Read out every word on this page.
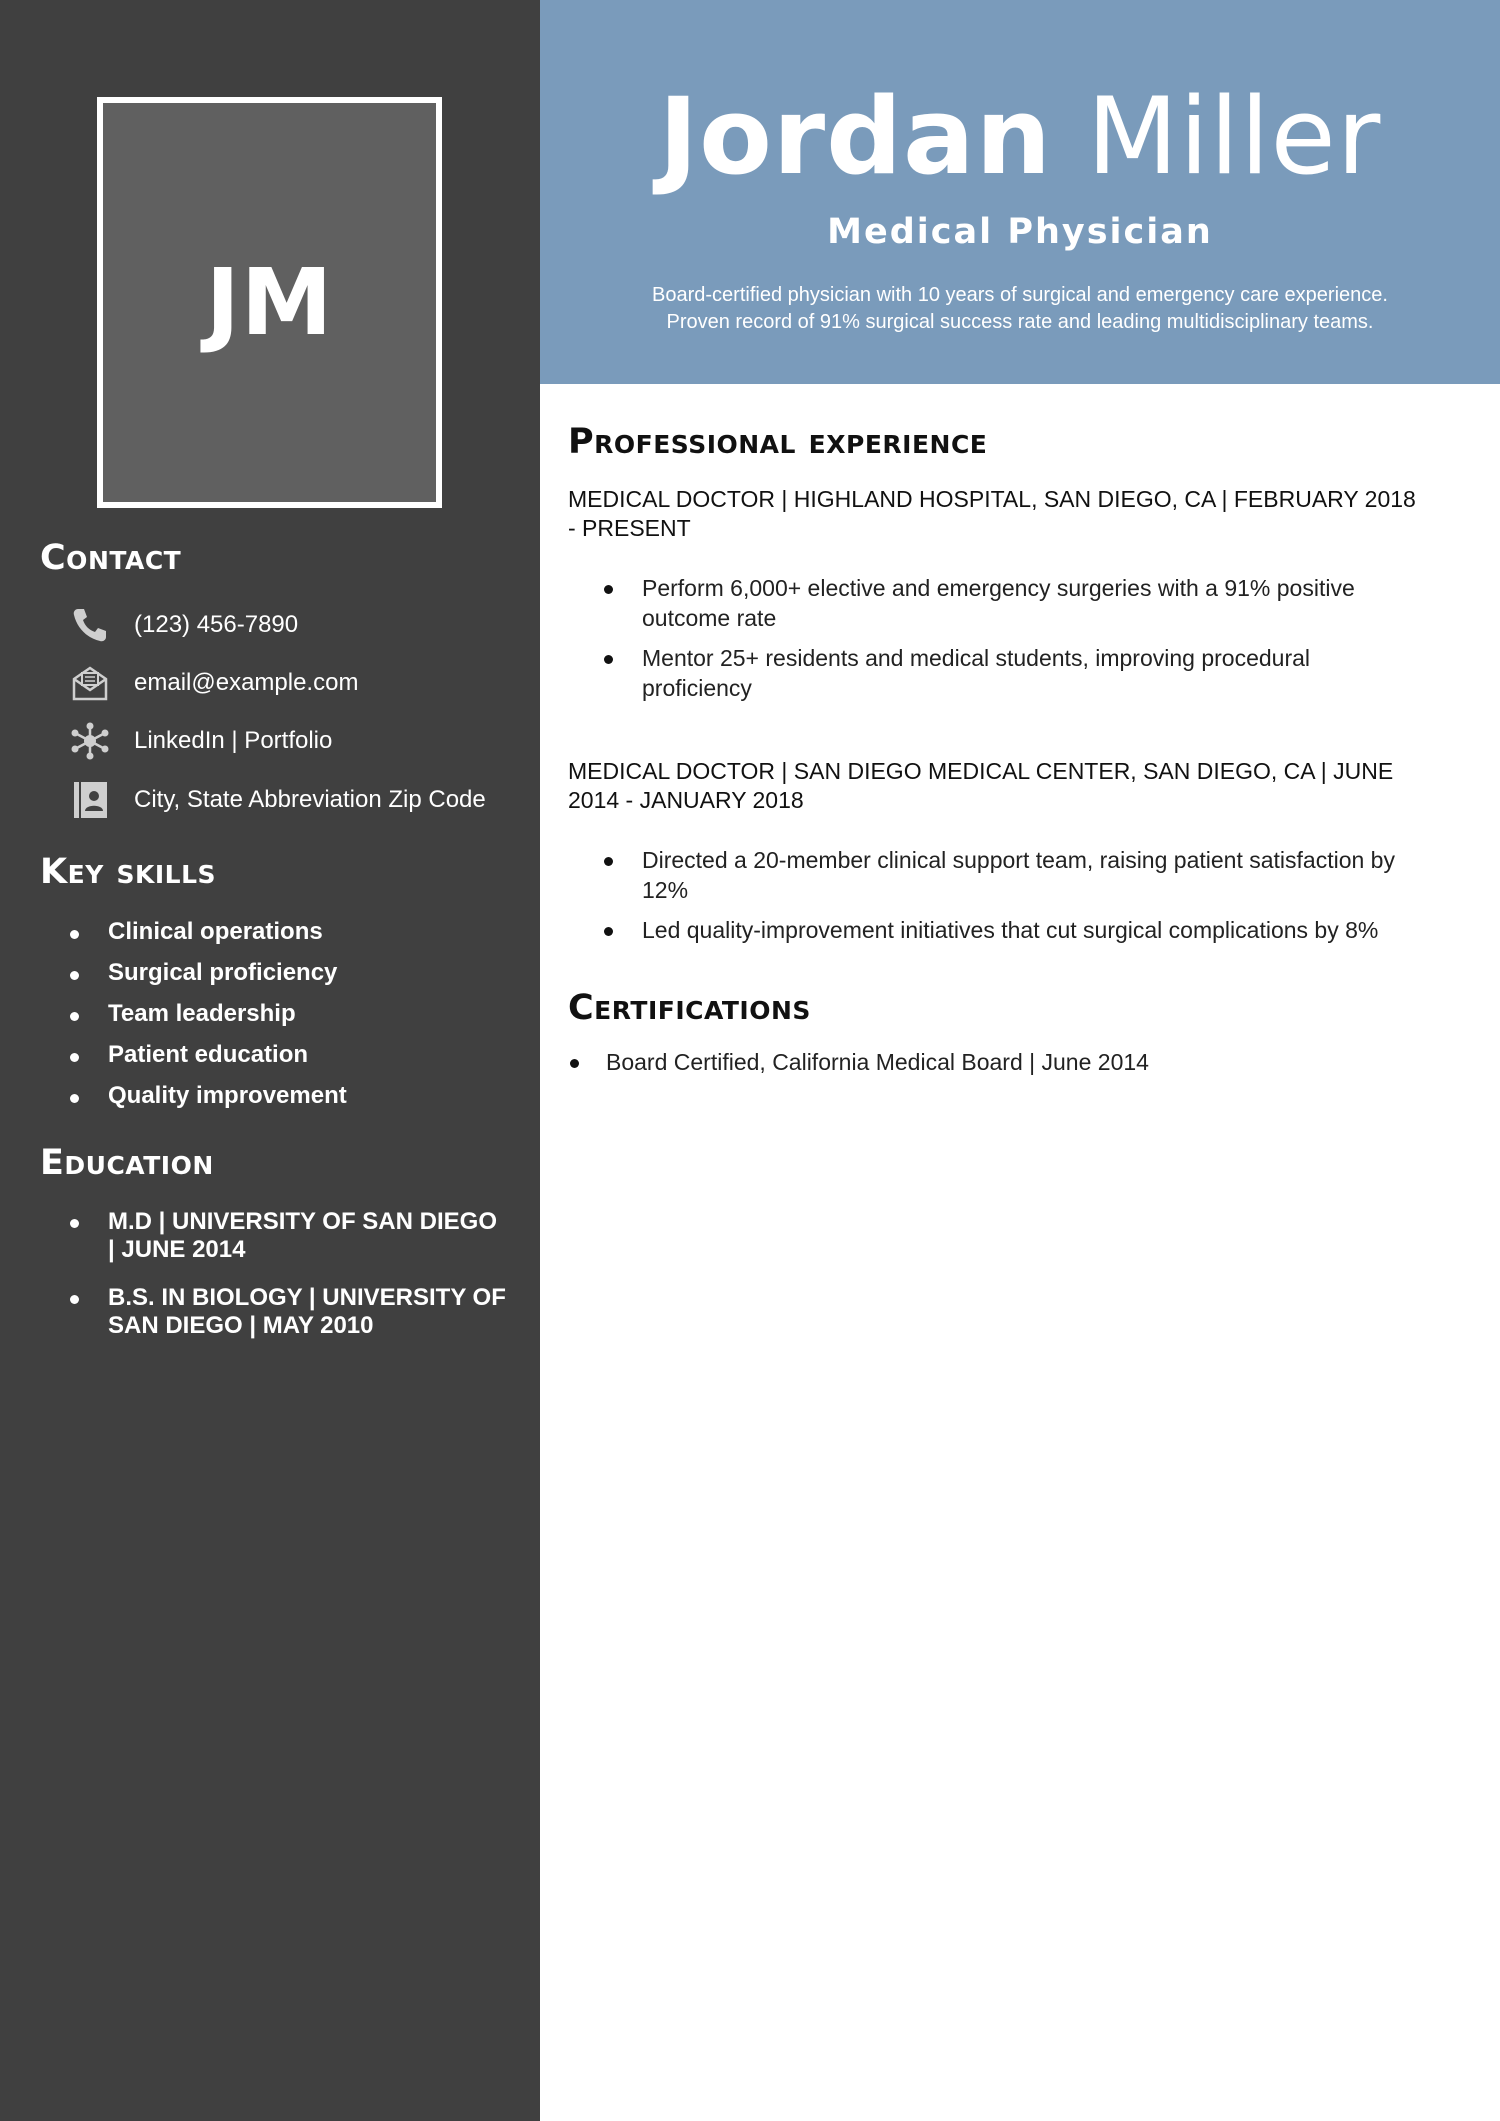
JM
Contact
(123) 456-7890
email@example.com
LinkedIn | Portfolio
City, State Abbreviation Zip Code
Key skills
Clinical operations
Surgical proficiency
Team leadership
Patient education
Quality improvement
Education
M.D | UNIVERSITY OF SAN DIEGO | JUNE 2014
B.S. IN BIOLOGY | UNIVERSITY OF SAN DIEGO | MAY 2010
Jordan Miller
Medical Physician
Board-certified physician with 10 years of surgical and emergency care experience.
Proven record of 91% surgical success rate and leading multidisciplinary teams.
Professional experience
MEDICAL DOCTOR | HIGHLAND HOSPITAL, SAN DIEGO, CA | FEBRUARY 2018 - PRESENT
Perform 6,000+ elective and emergency surgeries with a 91% positive outcome rate
Mentor 25+ residents and medical students, improving procedural proficiency
MEDICAL DOCTOR | SAN DIEGO MEDICAL CENTER, SAN DIEGO, CA | JUNE 2014 - JANUARY 2018
Directed a 20-member clinical support team, raising patient satisfaction by 12%
Led quality-improvement initiatives that cut surgical complications by 8%
Certifications
Board Certified, California Medical Board | June 2014
